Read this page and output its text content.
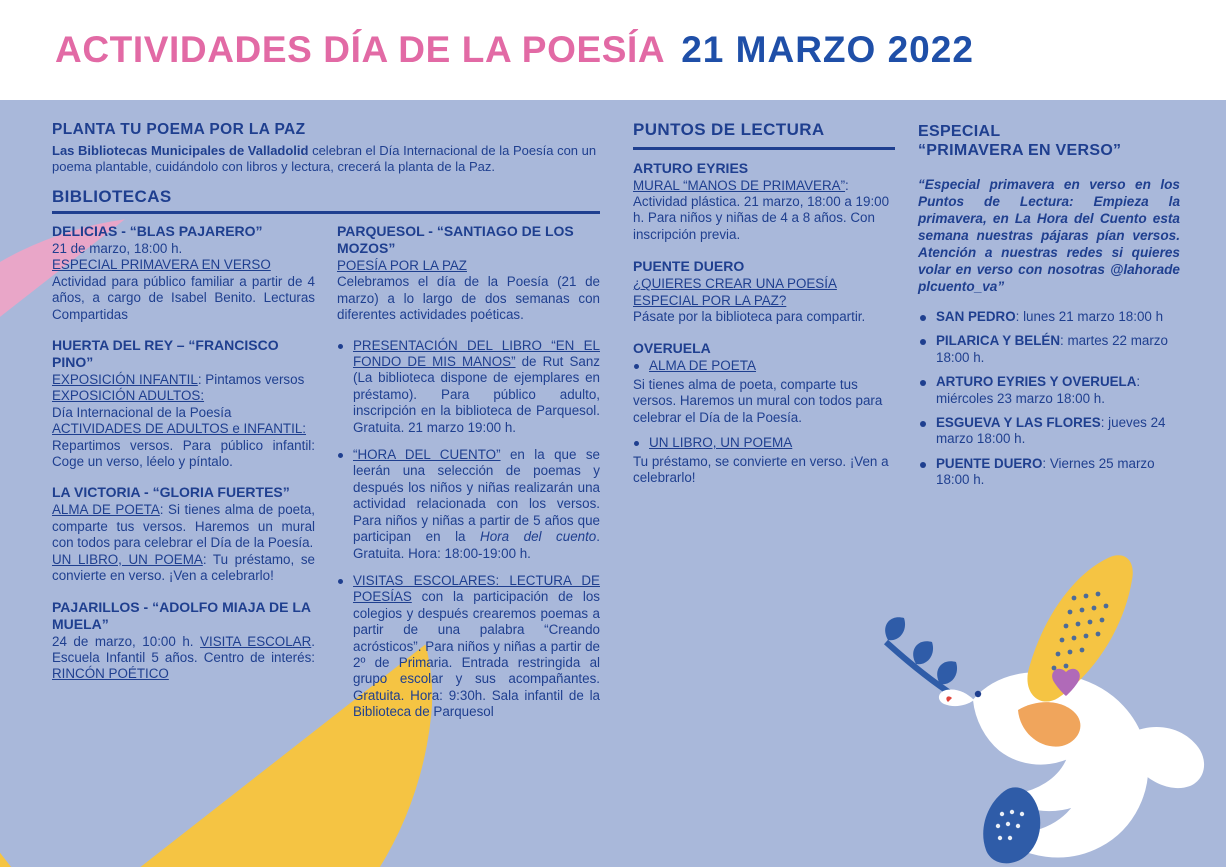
ACTIVIDADES DÍA DE LA POESÍA 21 MARZO 2022
PLANTA TU POEMA POR LA PAZ

Las Bibliotecas Municipales de Valladolid celebran el Día Internacional de la Poesía con un poema plantable, cuidándolo con libros y lectura, crecerá la planta de la Paz.

BIBLIOTECAS
DELICIAS - “BLAS PAJARERO”

21 de marzo, 18:00 h.
ESPECIAL PRIMAVERA EN VERSO
Actividad para público familiar a partir de 4 años, a cargo de Isabel Benito. Lecturas Compartidas

HUERTA DEL REY – “FRANCISCO PINO”

EXPOSICIÓN INFANTIL: Pintamos versos
EXPOSICIÓN ADULTOS:
Día Internacional de la Poesía
ACTIVIDADES DE ADULTOS e INFANTIL:
Repartimos versos. Para público infantil: Coge un verso, léelo y píntalo.

LA VICTORIA - “GLORIA FUERTES”

ALMA DE POETA: Si tienes alma de poeta, comparte tus versos. Haremos un mural con todos para celebrar el Día de la Poesía.
UN LIBRO, UN POEMA: Tu préstamo, se convierte en verso. ¡Ven a celebrarlo!

PAJARILLOS - “ADOLFO MIAJA DE LA MUELA”

24 de marzo, 10:00 h. VISITA ESCOLAR. Escuela Infantil 5 años. Centro de interés: RINCÓN POÉTICO

PARQUESOL - “SANTIAGO DE LOS MOZOS”

POESÍA POR LA PAZ
Celebramos el día de la Poesía (21 de marzo) a lo largo de dos semanas con diferentes actividades poéticas.

PRESENTACIÓN DEL LIBRO “EN EL FONDO DE MIS MANOS” de Rut Sanz (La biblioteca dispone de ejemplares en préstamo). Para público adulto, inscripción en la biblioteca de Parquesol. Gratuita. 21 marzo 19:00 h.
“HORA DEL CUENTO” en la que se leerán una selección de poemas y después los niños y niñas realizarán una actividad relacionada con los versos. Para niños y niñas a partir de 5 años que participan en la Hora del cuento. Gratuita. Hora: 18:00-19:00 h.
VISITAS ESCOLARES: LECTURA DE POESÍAS con la participación de los colegios y después crearemos poemas a partir de una palabra “Creando acrósticos”. Para niños y niñas a partir de 2º de Primaria. Entrada restringida al grupo escolar y sus acompañantes. Gratuita. Hora: 9:30h. Sala infantil de la Biblioteca de Parquesol
PUNTOS DE LECTURA
ARTURO EYRIES

MURAL “MANOS DE PRIMAVERA”: Actividad plástica. 21 marzo, 18:00 a 19:00 h. Para niños y niñas de 4 a 8 años. Con inscripción previa.

PUENTE DUERO

¿QUIERES CREAR UNA POESÍA ESPECIAL POR LA PAZ?
Pásate por la biblioteca para compartir.

OVERUELA
ALMA DE POETA

Si tienes alma de poeta, comparte tus versos. Haremos un mural con todos para celebrar el Día de la Poesía.

UN LIBRO, UN POEMA

Tu préstamo, se convierte en verso. ¡Ven a celebrarlo!

ESPECIAL
“PRIMAVERA EN VERSO”

“Especial primavera en verso en los Puntos de Lectura: Empieza la primavera, en La Hora del Cuento esta semana nuestras pájaras pían versos. Atención a nuestras redes si quieres volar en verso con nosotras @lahorade plcuento_va”

SAN PEDRO: lunes 21 marzo 18:00 h
PILARICA Y BELÉN: martes 22 marzo 18:00 h.
ARTURO EYRIES Y OVERUELA: miércoles 23 marzo 18:00 h.
ESGUEVA Y LAS FLORES: jueves 24 marzo 18:00 h.
PUENTE DUERO: Viernes 25 marzo 18:00 h.
